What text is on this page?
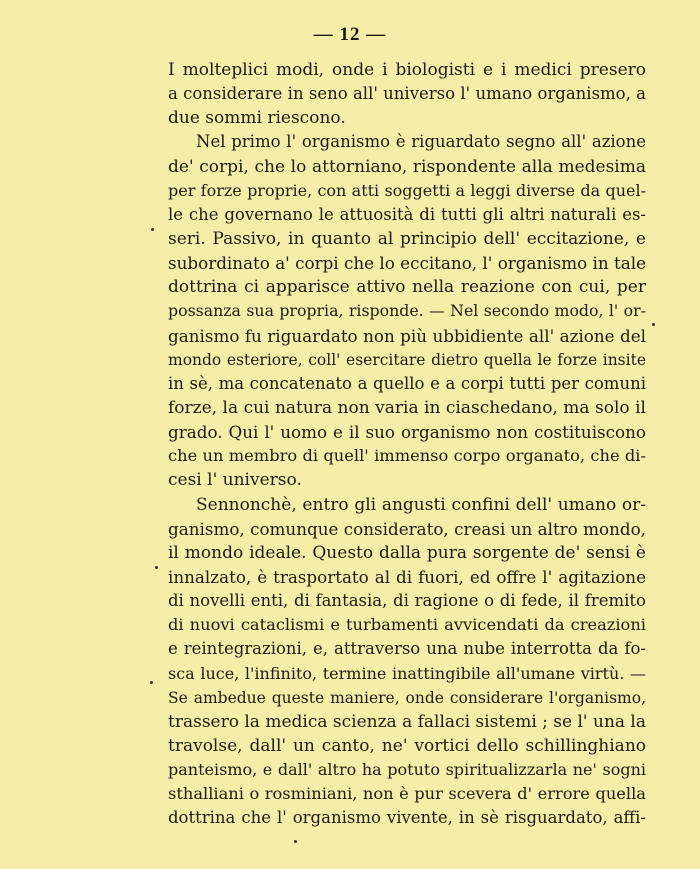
— 12 —
I molteplici modi, onde i biologisti e i medici presero
a considerare in seno all' universo l' umano organismo, a
due sommi riescono.
Nel primo l' organismo è riguardato segno all' azione
de' corpi, che lo attorniano, rispondente alla medesima
per forze proprie, con atti soggetti a leggi diverse da quel-
le che governano le attuosità di tutti gli altri naturali es-
seri. Passivo, in quanto al principio dell' eccitazione, e
subordinato a' corpi che lo eccitano, l' organismo in tale
dottrina ci apparisce attivo nella reazione con cui, per
possanza sua propria, risponde. — Nel secondo modo, l' or-
ganismo fu riguardato non più ubbidiente all' azione del
mondo esteriore, coll' esercitare dietro quella le forze insite
in sè, ma concatenato a quello e a corpi tutti per comuni
forze, la cui natura non varia in ciaschedano, ma solo il
grado. Qui l' uomo e il suo organismo non costituiscono
che un membro di quell' immenso corpo organato, che di-
cesi l' universo.
Sennonchè, entro gli angusti confini dell' umano or-
ganismo, comunque considerato, creasi un altro mondo,
il mondo ideale. Questo dalla pura sorgente de' sensi è
innalzato, è trasportato al di fuori, ed offre l' agitazione
di novelli enti, di fantasia, di ragione o di fede, il fremito
di nuovi cataclismi e turbamenti avvicendati da creazioni
e reintegrazioni, e, attraverso una nube interrotta da fo-
sca luce, l'infinito, termine inattingibile all'umane virtù. —
Se ambedue queste maniere, onde considerare l'organismo,
trassero la medica scienza a fallaci sistemi ; se l' una la
travolse, dall' un canto, ne' vortici dello schillinghiano
panteismo, e dall' altro ha potuto spiritualizzarla ne' sogni
sthalliani o rosminiani, non è pur scevera d' errore quella
dottrina che l' organismo vivente, in sè risguardato, affi-
